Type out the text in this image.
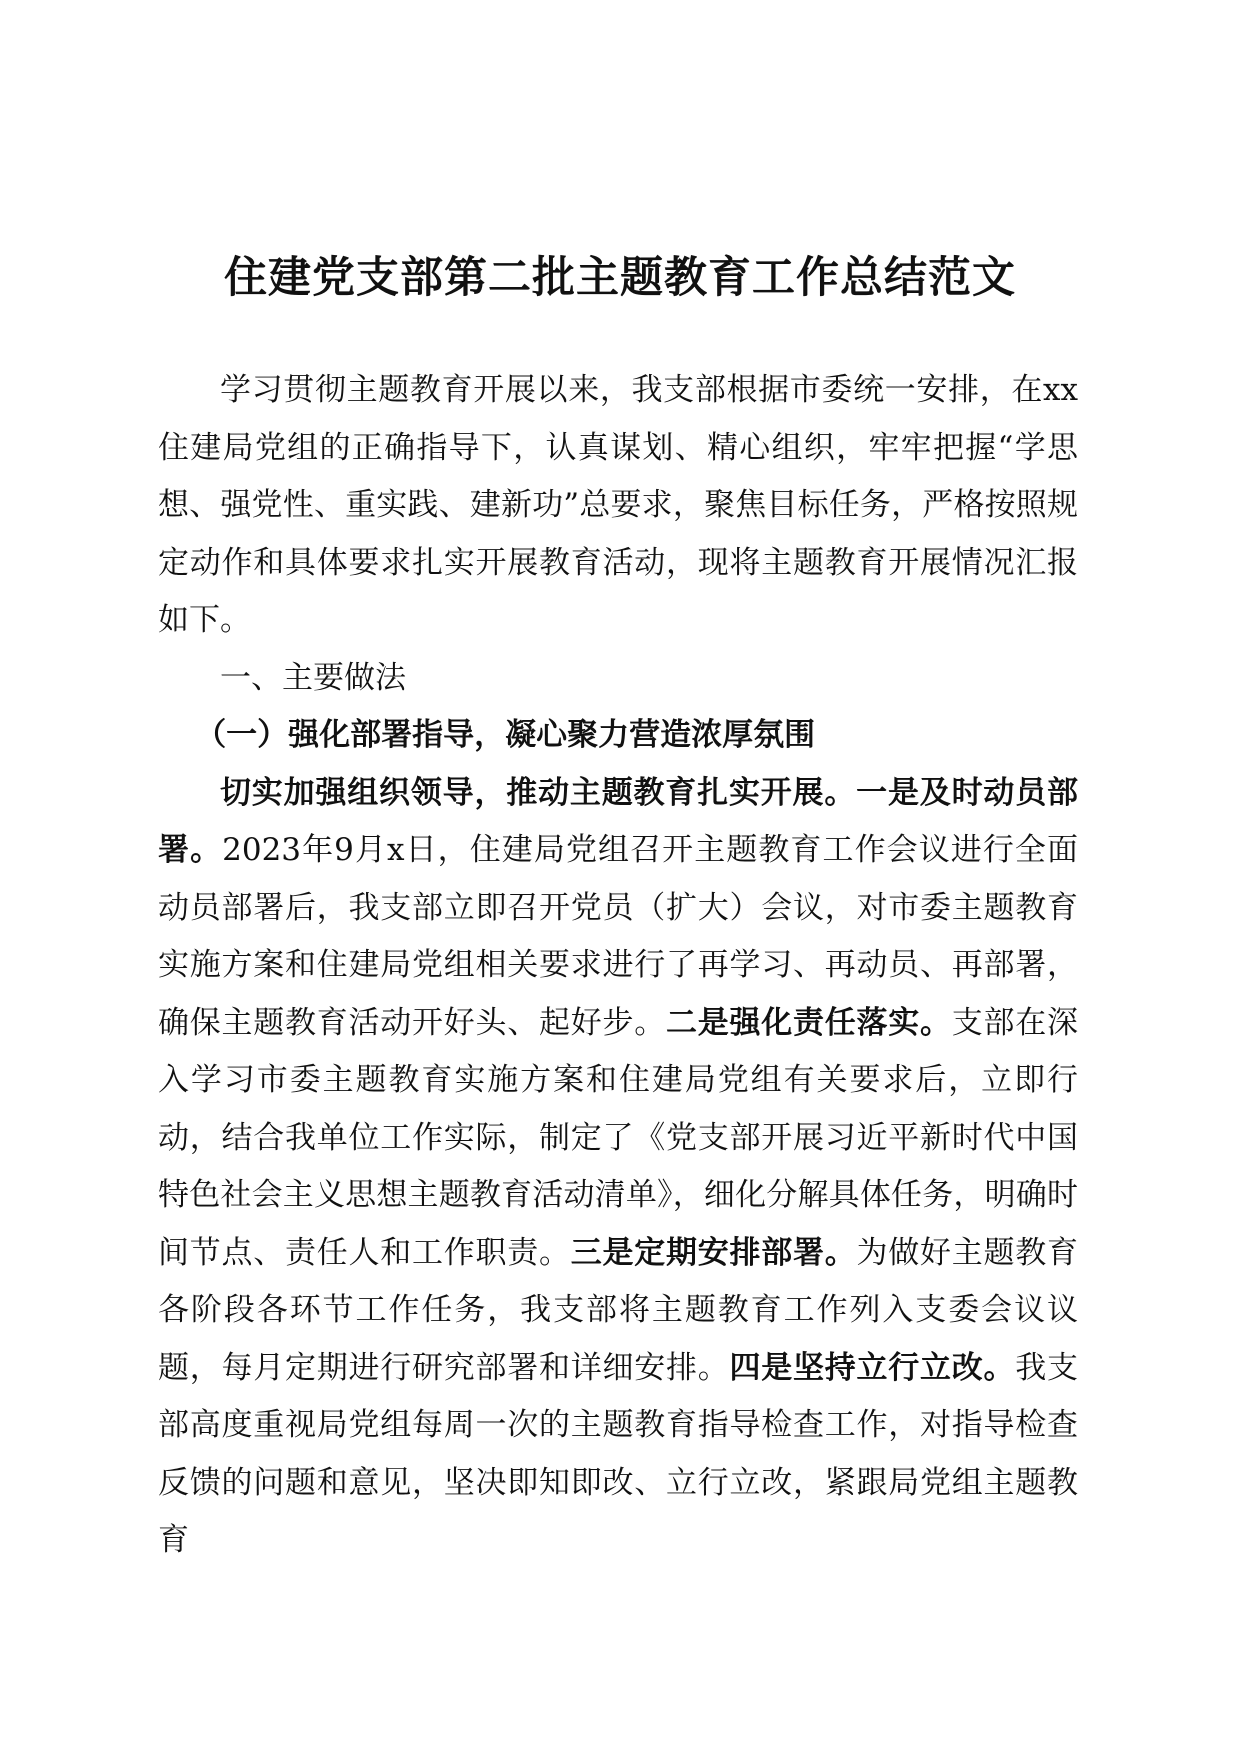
住建党支部第二批主题教育工作总结范文

学习贯彻主题教育开展以来，我支部根据市委统一安排，在xx住建局党组的正确指导下，认真谋划、精心组织，牢牢把握“学思想、强党性、重实践、建新功”总要求，聚焦目标任务，严格按照规定动作和具体要求扎实开展教育活动，现将主题教育开展情况汇报如下。

一、主要做法

（一）强化部署指导，凝心聚力营造浓厚氛围

切实加强组织领导，推动主题教育扎实开展。一是及时动员部署。2023年9月x日，住建局党组召开主题教育工作会议进行全面动员部署后，我支部立即召开党员（扩大）会议，对市委主题教育实施方案和住建局党组相关要求进行了再学习、再动员、再部署，确保主题教育活动开好头、起好步。二是强化责任落实。支部在深入学习市委主题教育实施方案和住建局党组有关要求后，立即行动，结合我单位工作实际，制定了《党支部开展习近平新时代中国特色社会主义思想主题教育活动清单》，细化分解具体任务，明确时间节点、责任人和工作职责。三是定期安排部署。为做好主题教育各阶段各环节工作任务，我支部将主题教育工作列入支委会议议题，每月定期进行研究部署和详细安排。四是坚持立行立改。我支部高度重视局党组每周一次的主题教育指导检查工作，对指导检查反馈的问题和意见，坚决即知即改、立行立改，紧跟局党组主题教育
